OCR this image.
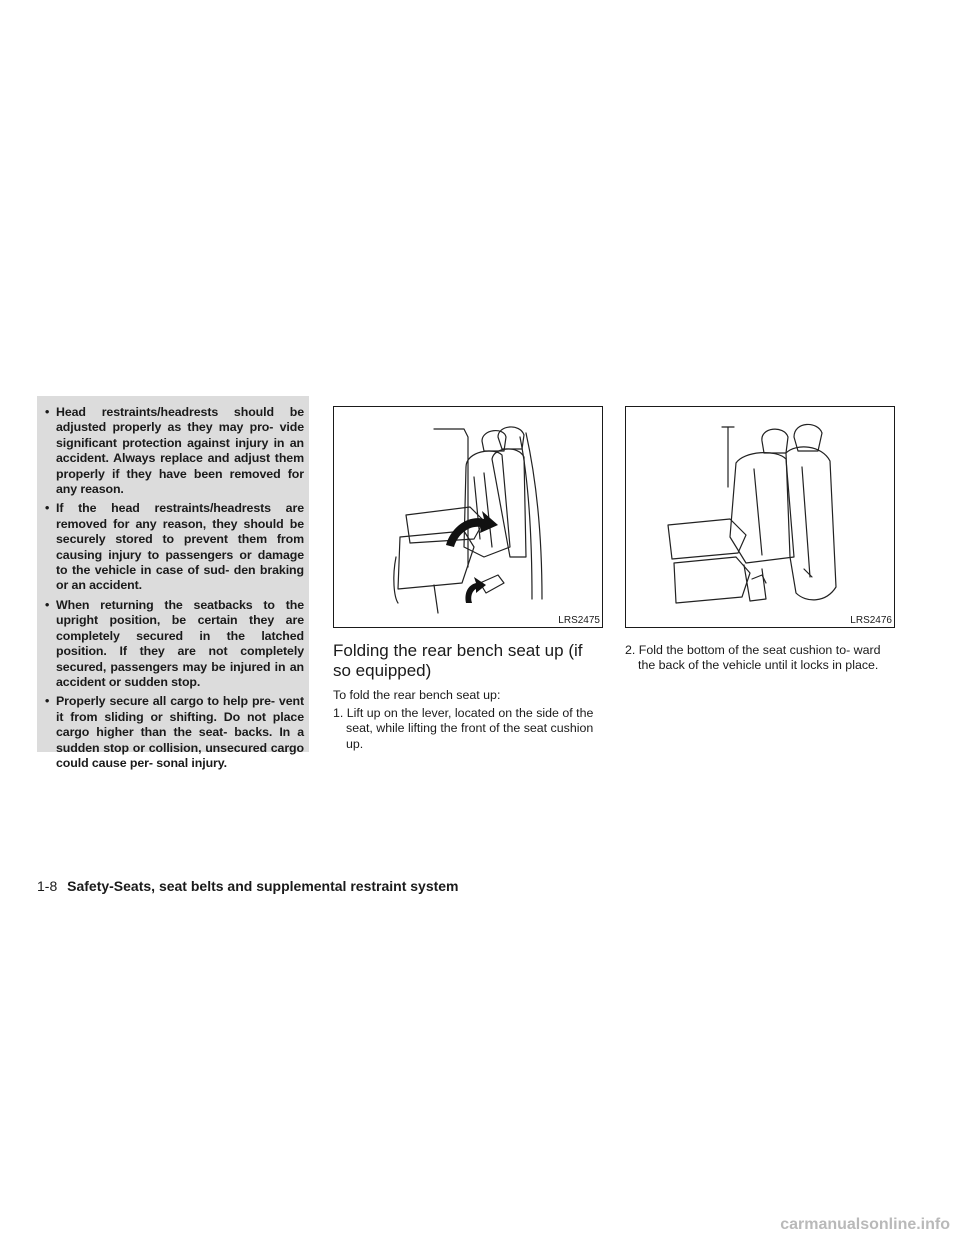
• Head restraints/headrests should be adjusted properly as they may pro- vide significant protection against injury in an accident. Always replace and adjust them properly if they have been removed for any reason.
• If the head restraints/headrests are removed for any reason, they should be securely stored to prevent them from causing injury to passengers or damage to the vehicle in case of sud- den braking or an accident.
• When returning the seatbacks to the upright position, be certain they are completely secured in the latched position. If they are not completely secured, passengers may be injured in an accident or sudden stop.
• Properly secure all cargo to help pre- vent it from sliding or shifting. Do not place cargo higher than the seat- backs. In a sudden stop or collision, unsecured cargo could cause per- sonal injury.
LRS2475	LRS2476
Folding the rear bench seat up (if so equipped)

To fold the rear bench seat up:

1. Lift up on the lever, located on the side of the seat, while lifting the front of the seat cushion up.

2. Fold the bottom of the seat cushion to- ward the back of the vehicle until it locks in place.

1-8 Safety-Seats, seat belts and supplemental restraint system
carmanualsonline.info
